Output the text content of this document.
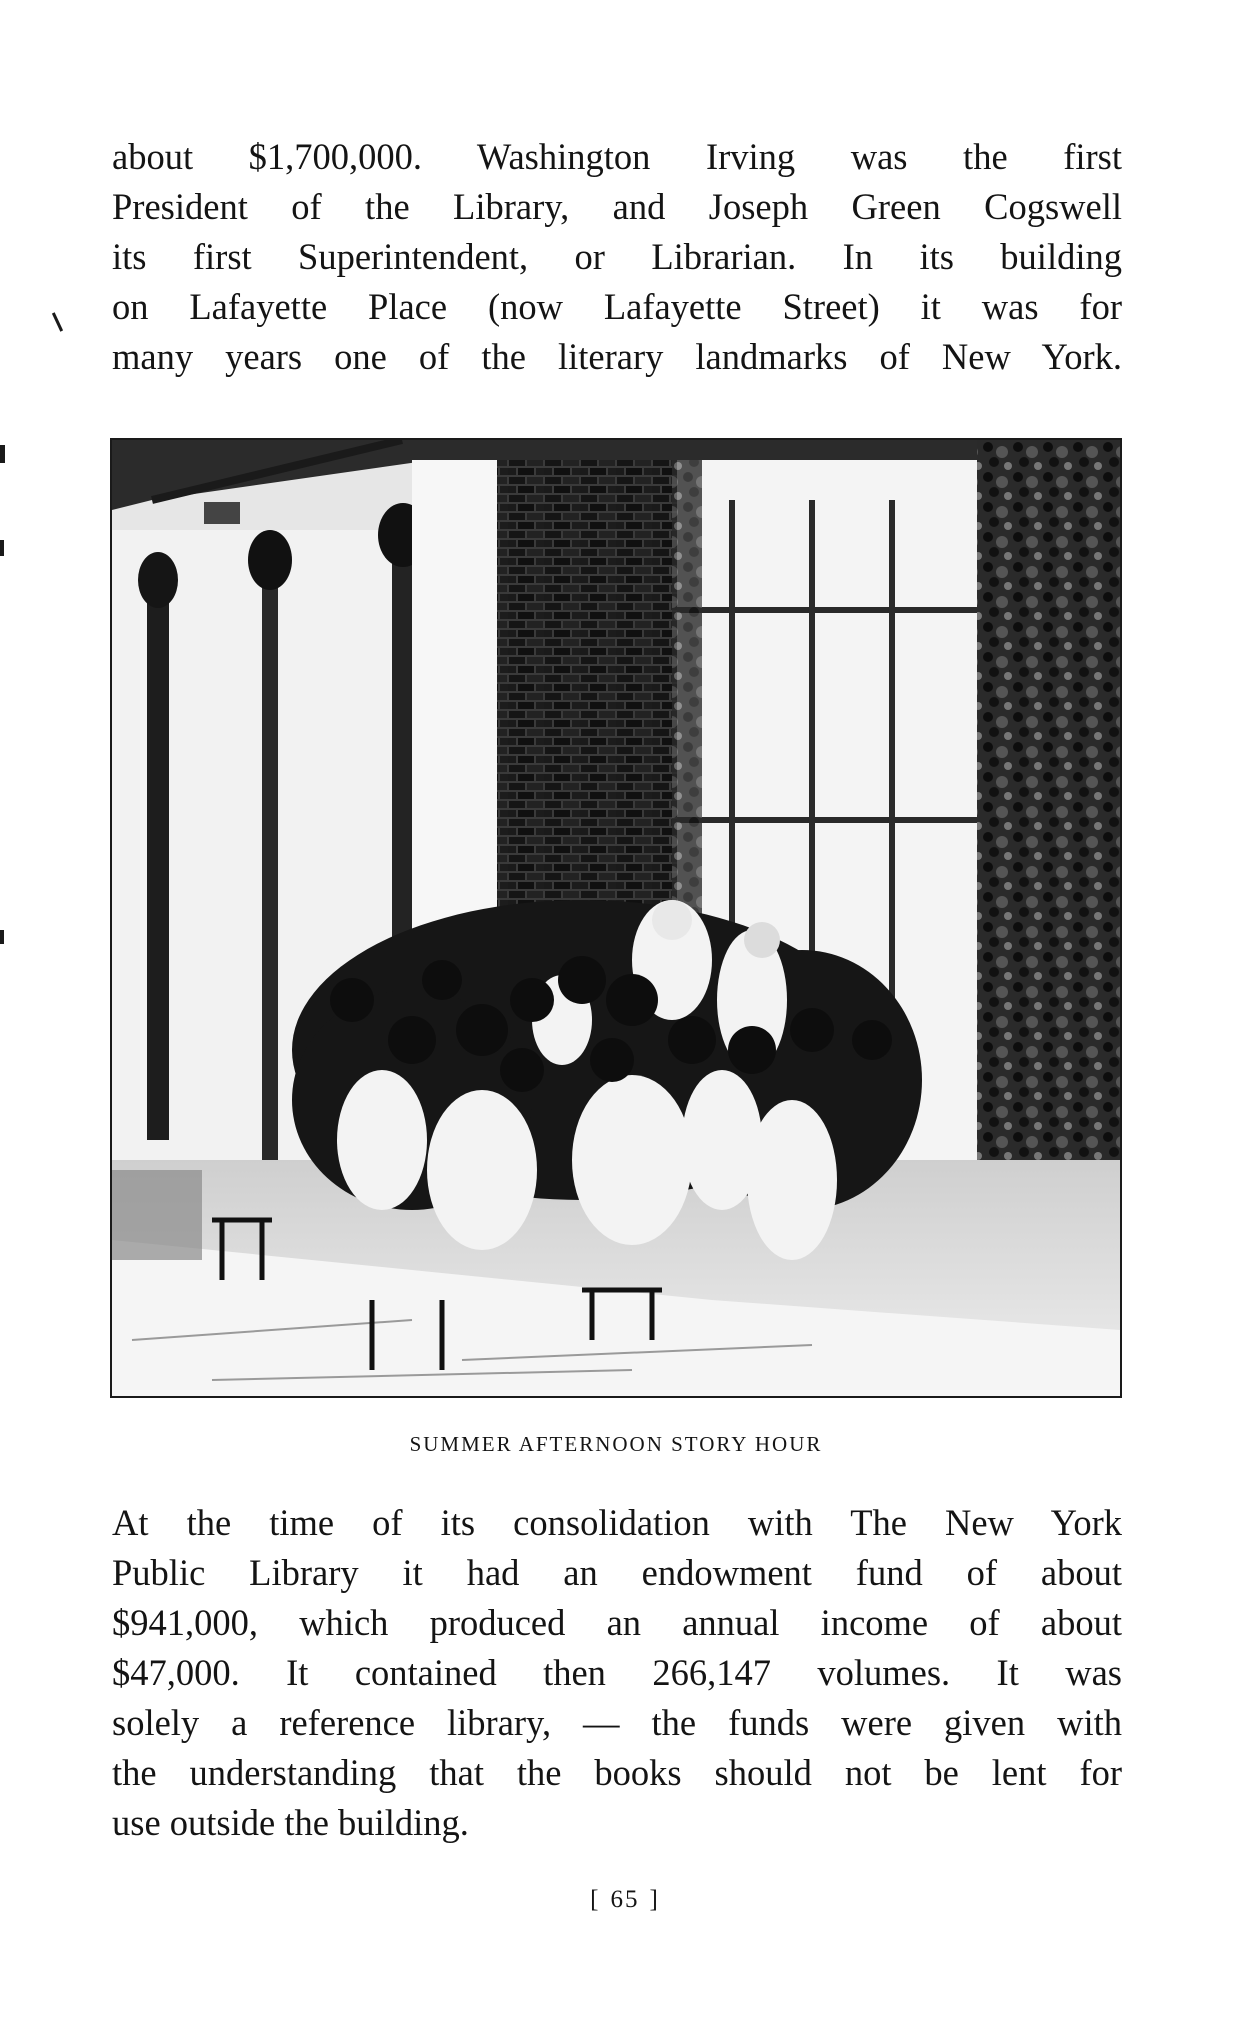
about $1,700,000. Washington Irving was the first
President of the Library, and Joseph Green Cogswell
its first Superintendent, or Librarian. In its building
on Lafayette Place (now Lafayette Street) it was for
many years one of the literary landmarks of New York.
SUMMER AFTERNOON STORY HOUR
At the time of its consolidation with The New York
Public Library it had an endowment fund of about
$941,000, which produced an annual income of about
$47,000. It contained then 266,147 volumes. It was
solely a reference library, — the funds were given with
the understanding that the books should not be lent for
use outside the building.
[ 65 ]
